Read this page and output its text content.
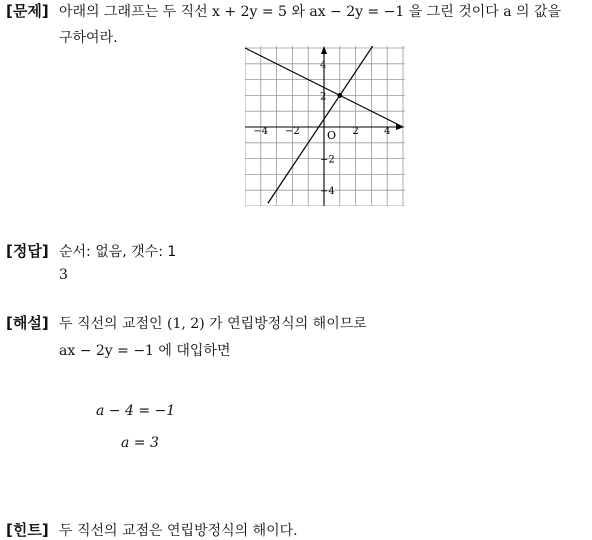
[문제] 아래의 그래프는 두 직선 x + 2y = 5 와 ax − 2y = −1 을 그린 것이다 a 의 값을
구하여라.
−4 −2	2	4
4
2
−2
−4
O
[정답] 순서: 없음, 갯수: 1
3
[해설] 두 직선의 교점인 (1, 2) 가 연립방정식의 해이므로
ax − 2y = −1 에 대입하면
a − 4 = −1
a = 3
[힌트] 두 직선의 교점은 연립방정식의 해이다.
